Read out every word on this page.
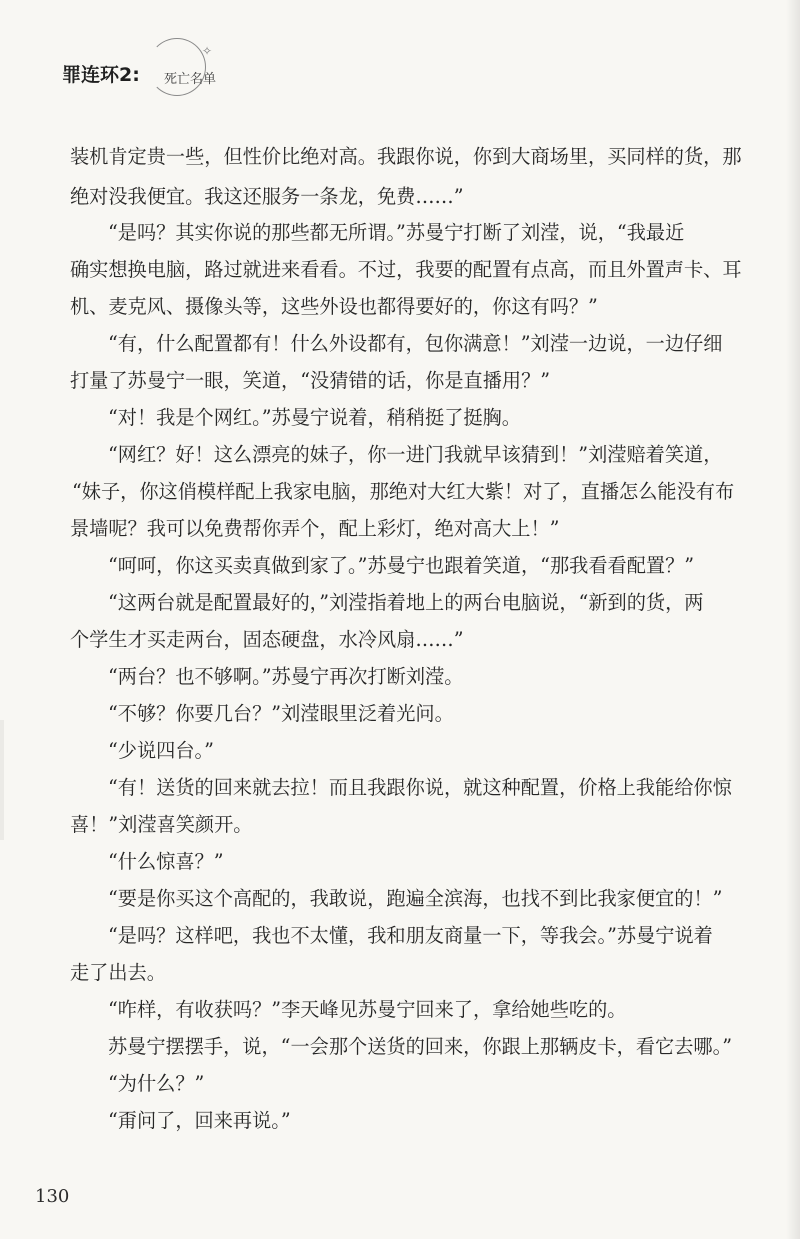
✧
罪连环2: 死亡名单
装机肯定贵一些，但性价比绝对高。我跟你说，你到大商场里，买同样的货，那
绝对没我便宜。我这还服务一条龙，免费……”
“是吗？其实你说的那些都无所谓。”苏曼宁打断了刘滢，说，“我最近
确实想换电脑，路过就进来看看。不过，我要的配置有点高，而且外置声卡、耳
机、麦克风、摄像头等，这些外设也都得要好的，你这有吗？”
“有，什么配置都有！什么外设都有，包你满意！”刘滢一边说，一边仔细
打量了苏曼宁一眼，笑道，“没猜错的话，你是直播用？”
“对！我是个网红。”苏曼宁说着，稍稍挺了挺胸。
“网红？好！这么漂亮的妹子，你一进门我就早该猜到！”刘滢赔着笑道，
“妹子，你这俏模样配上我家电脑，那绝对大红大紫！对了，直播怎么能没有布
景墙呢？我可以免费帮你弄个，配上彩灯，绝对高大上！”
“呵呵，你这买卖真做到家了。”苏曼宁也跟着笑道，“那我看看配置？”
“这两台就是配置最好的，”刘滢指着地上的两台电脑说，“新到的货，两
个学生才买走两台，固态硬盘，水冷风扇……”
“两台？也不够啊。”苏曼宁再次打断刘滢。
“不够？你要几台？”刘滢眼里泛着光问。
“少说四台。”
“有！送货的回来就去拉！而且我跟你说，就这种配置，价格上我能给你惊
喜！”刘滢喜笑颜开。
“什么惊喜？”
“要是你买这个高配的，我敢说，跑遍全滨海，也找不到比我家便宜的！”
“是吗？这样吧，我也不太懂，我和朋友商量一下，等我会。”苏曼宁说着
走了出去。
“咋样，有收获吗？”李天峰见苏曼宁回来了，拿给她些吃的。
苏曼宁摆摆手，说，“一会那个送货的回来，你跟上那辆皮卡，看它去哪。”
“为什么？”
“甭问了，回来再说。”
130
